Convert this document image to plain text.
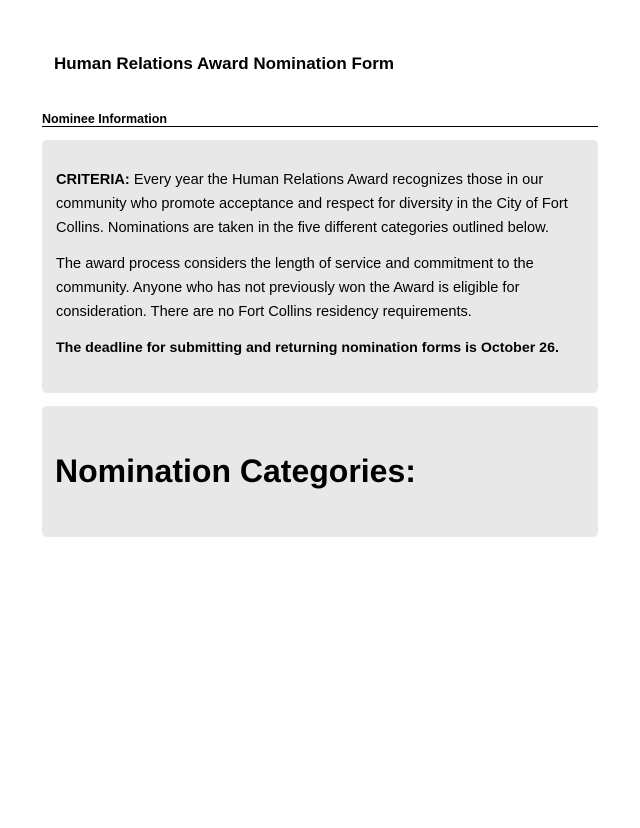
Human Relations Award Nomination Form
Nominee Information

CRITERIA: Every year the Human Relations Award recognizes those in our community who promote acceptance and respect for diversity in the City of Fort Collins. Nominations are taken in the five different categories outlined below.

The award process considers the length of service and commitment to the community. Anyone who has not previously won the Award is eligible for consideration. There are no Fort Collins residency requirements.

The deadline for submitting and returning nomination forms is October 26.

Nomination Categories:
